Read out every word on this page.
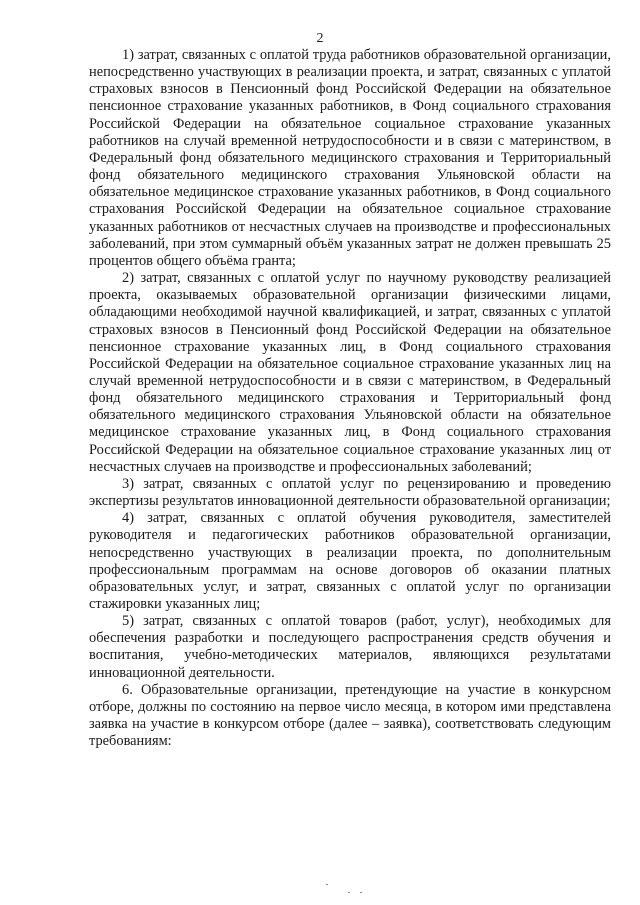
2

1) затрат, связанных с оплатой труда работников образовательной организации, непосредственно участвующих в реализации проекта, и затрат, связанных с уплатой страховых взносов в Пенсионный фонд Российской Федерации на обязательное пенсионное страхование указанных работников, в Фонд социального страхования Российской Федерации на обязательное социальное страхование указанных работников на случай временной нетрудоспособности и в связи с материнством, в Федеральный фонд обязательного медицинского страхования и Территориальный фонд обязательного медицинского страхования Ульяновской области на обязательное медицинское страхование указанных работников, в Фонд социального страхования Российской Федерации на обязательное социальное страхование указанных работников от несчастных случаев на производстве и профессиональных заболеваний, при этом суммарный объём указанных затрат не должен превышать 25 процентов общего объёма гранта;

2) затрат, связанных с оплатой услуг по научному руководству реализацией проекта, оказываемых образовательной организации физическими лицами, обладающими необходимой научной квалификацией, и затрат, связанных с уплатой страховых взносов в Пенсионный фонд Российской Федерации на обязательное пенсионное страхование указанных лиц, в Фонд социального страхования Российской Федерации на обязательное социальное страхование указанных лиц на случай временной нетрудоспособности и в связи с материнством, в Федеральный фонд обязательного медицинского страхования и Территориальный фонд обязательного медицинского страхования Ульяновской области на обязательное медицинское страхование указанных лиц, в Фонд социального страхования Российской Федерации на обязательное социальное страхование указанных лиц от несчастных случаев на производстве и профессиональных заболеваний;

3) затрат, связанных с оплатой услуг по рецензированию и проведению экспертизы результатов инновационной деятельности образовательной организации;

4) затрат, связанных с оплатой обучения руководителя, заместителей руководителя и педагогических работников образовательной организации, непосредственно участвующих в реализации проекта, по дополнительным профессиональным программам на основе договоров об оказании платных образовательных услуг, и затрат, связанных с оплатой услуг по организации стажировки указанных лиц;

5) затрат, связанных с оплатой товаров (работ, услуг), необходимых для обеспечения разработки и последующего распространения средств обучения и воспитания, учебно-методических материалов, являющихся результатами инновационной деятельности.

6. Образовательные организации, претендующие на участие в конкурсном отборе, должны по состоянию на первое число месяца, в котором ими представлена заявка на участие в конкурсом отборе (далее – заявка), соответствовать следующим требованиям:
